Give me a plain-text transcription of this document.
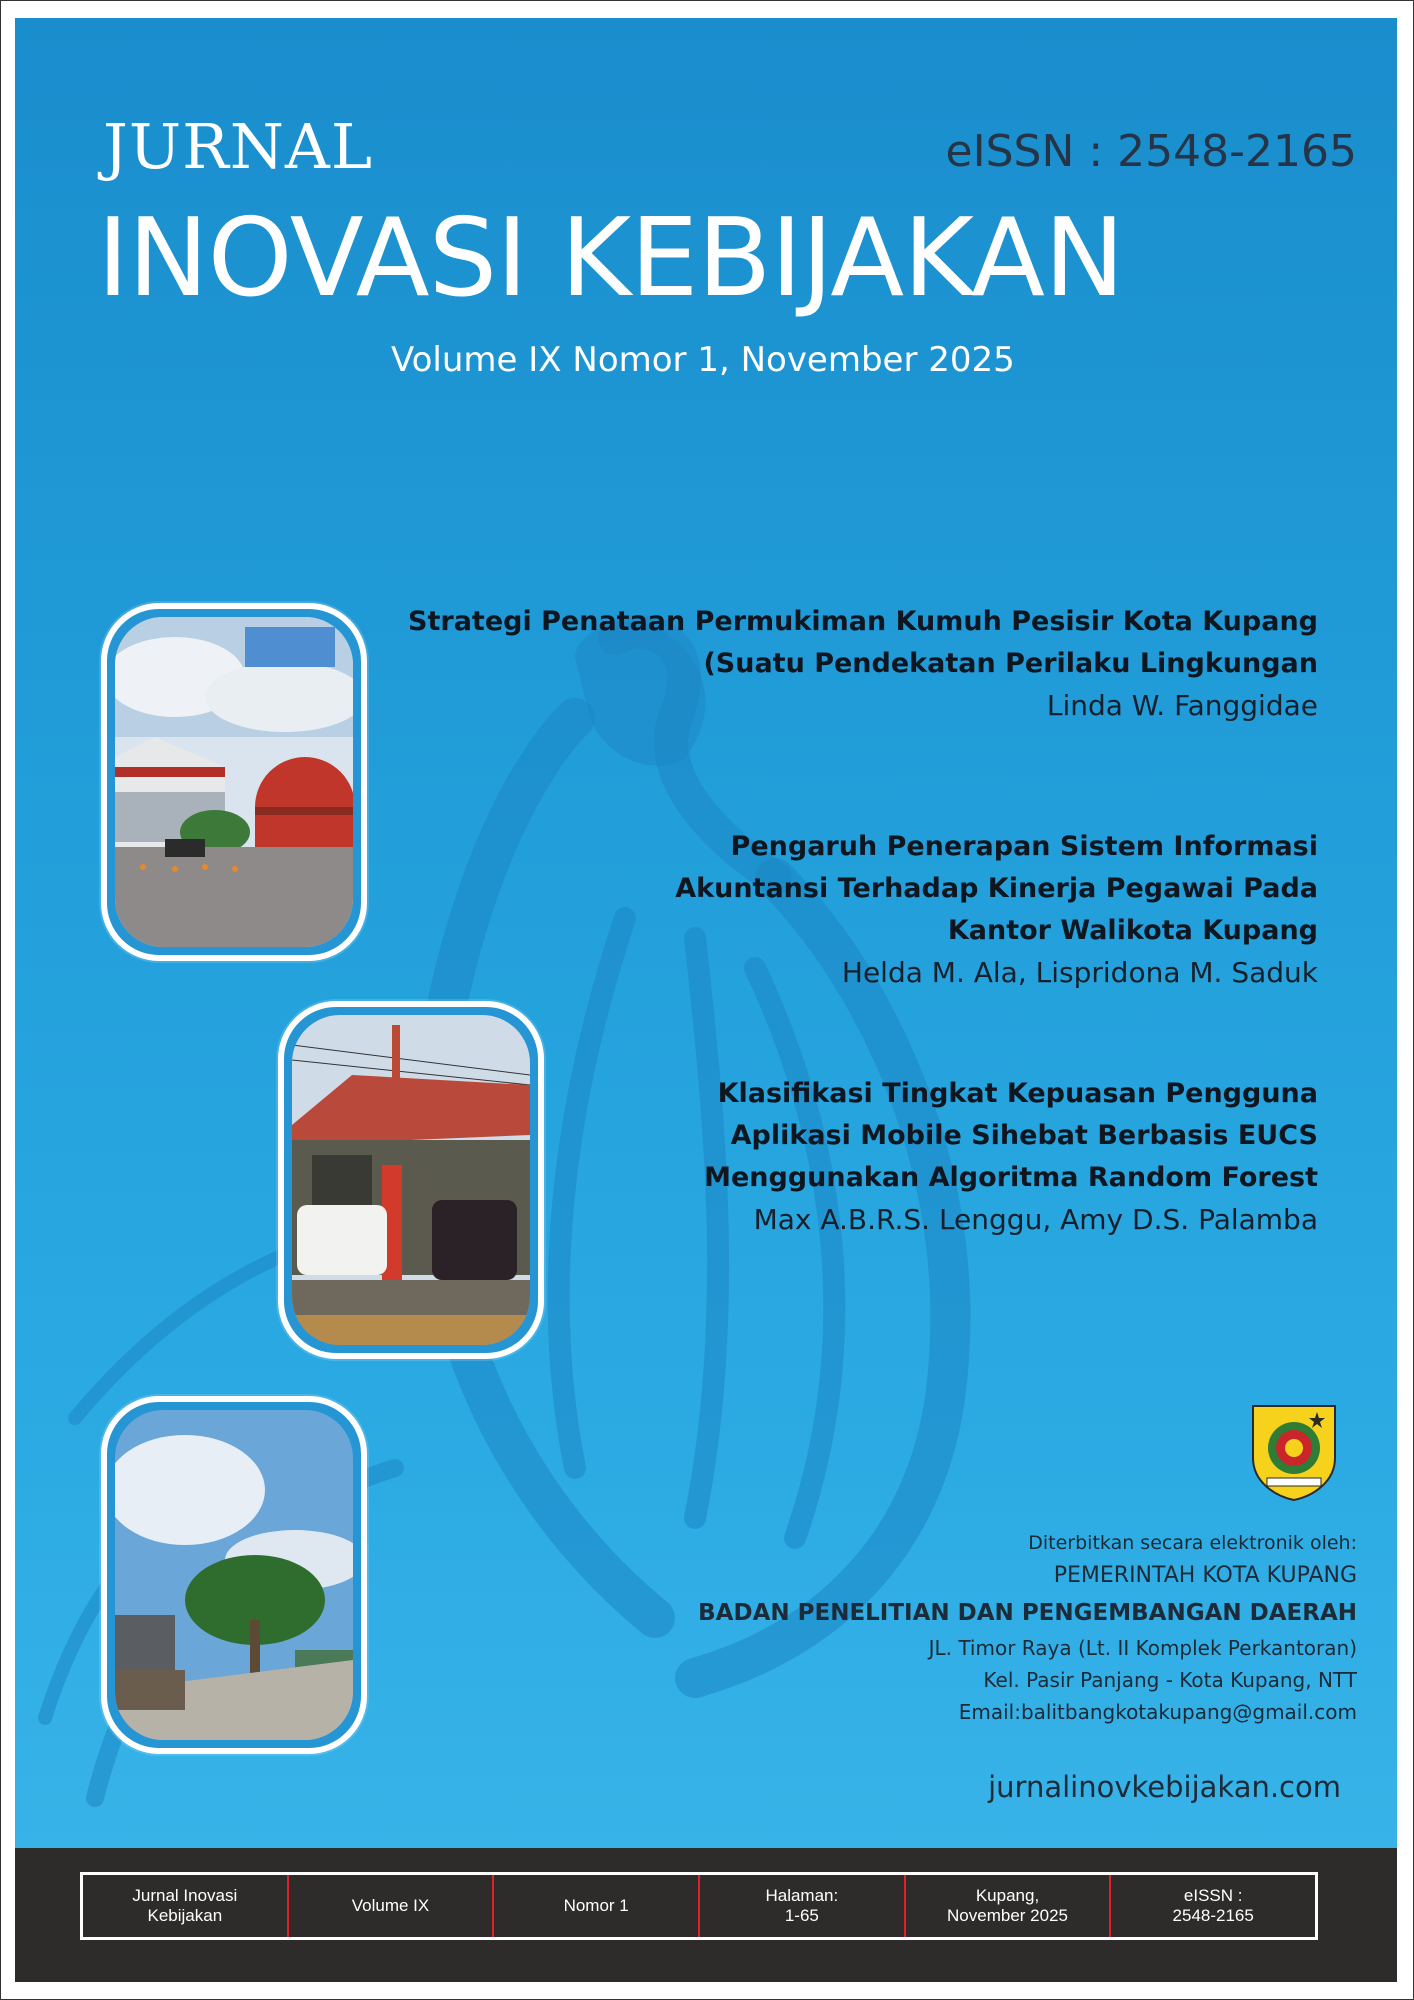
JURNAL	eISSN : 2548-2165
INOVASI KEBIJAKAN
Volume IX Nomor 1, November 2025
Strategi Penataan Permukiman Kumuh Pesisir Kota Kupang
(Suatu Pendekatan Perilaku Lingkungan
Linda W. Fanggidae
Pengaruh Penerapan Sistem Informasi
Akuntansi Terhadap Kinerja Pegawai Pada
Kantor Walikota Kupang
Helda M. Ala, Lispridona M. Saduk
Klasifikasi Tingkat Kepuasan Pengguna
Aplikasi Mobile Sihebat Berbasis EUCS
Menggunakan Algoritma Random Forest
Max A.B.R.S. Lenggu, Amy D.S. Palamba
Diterbitkan secara elektronik oleh:
PEMERINTAH KOTA KUPANG
BADAN PENELITIAN DAN PENGEMBANGAN DAERAH
JL. Timor Raya (Lt. II Komplek Perkantoran)
Kel. Pasir Panjang - Kota Kupang, NTT
Email:balitbangkotakupang@gmail.com
jurnalinovkebijakan.com
Jurnal Inovasi
Kebijakan
Volume IX	Nomor 1
Halaman:
1-65
Kupang,
November 2025
eISSN :
2548-2165
